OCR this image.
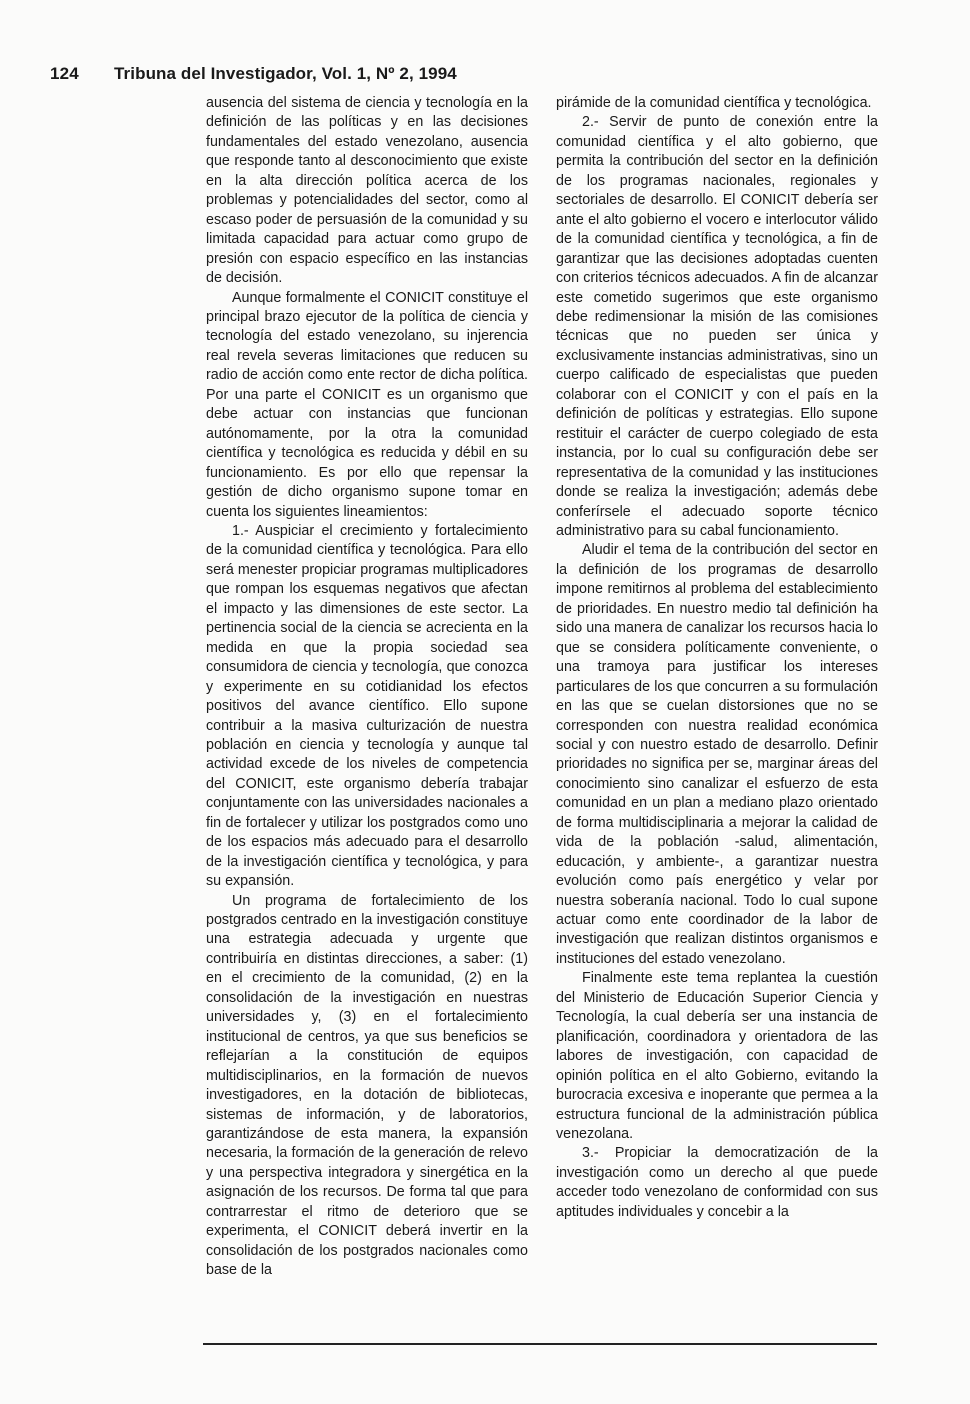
124 Tribuna del Investigador, Vol. 1, Nº 2, 1994

ausencia del sistema de ciencia y tecnología en la definición de las políticas y en las decisiones fundamentales del estado venezolano, ausencia que responde tanto al desconocimiento que existe en la alta dirección política acerca de los problemas y potencialidades del sector, como al escaso poder de persuasión de la comunidad y su limitada capacidad para actuar como grupo de presión con espacio específico en las instancias de decisión.

Aunque formalmente el CONICIT constituye el principal brazo ejecutor de la política de ciencia y tecnología del estado venezolano, su injerencia real revela severas limitaciones que reducen su radio de acción como ente rector de dicha política. Por una parte el CONICIT es un organismo que debe actuar con instancias que funcionan autónomamente, por la otra la comunidad científica y tecnológica es reducida y débil en su funcionamiento. Es por ello que repensar la gestión de dicho organismo supone tomar en cuenta los siguientes lineamientos:

1.- Auspiciar el crecimiento y fortalecimiento de la comunidad científica y tecnológica. Para ello será menester propiciar programas multiplicadores que rompan los esquemas negativos que afectan el impacto y las dimensiones de este sector. La pertinencia social de la ciencia se acrecienta en la medida en que la propia sociedad sea consumidora de ciencia y tecnología, que conozca y experimente en su cotidianidad los efectos positivos del avance científico. Ello supone contribuir a la masiva culturización de nuestra población en ciencia y tecnología y aunque tal actividad excede de los niveles de competencia del CONICIT, este organismo debería trabajar conjuntamente con las universidades nacionales a fin de fortalecer y utilizar los postgrados como uno de los espacios más adecuado para el desarrollo de la investigación científica y tecnológica, y para su expansión.

Un programa de fortalecimiento de los postgrados centrado en la investigación constituye una estrategia adecuada y urgente que contribuiría en distintas direcciones, a saber: (1) en el crecimiento de la comunidad, (2) en la consolidación de la investigación en nuestras universidades y, (3) en el fortalecimiento institucional de centros, ya que sus beneficios se reflejarían a la constitución de equipos multidisciplinarios, en la formación de nuevos investigadores, en la dotación de bibliotecas, sistemas de información, y de laboratorios, garantizándose de esta manera, la expansión necesaria, la formación de la generación de relevo y una perspectiva integradora y sinergética en la asignación de los recursos. De forma tal que para contrarrestar el ritmo de deterioro que se experimenta, el CONICIT deberá invertir en la consolidación de los postgrados nacionales como base de la

pirámide de la comunidad científica y tecnológica.

2.- Servir de punto de conexión entre la comunidad científica y el alto gobierno, que permita la contribución del sector en la definición de los programas nacionales, regionales y sectoriales de desarrollo. El CONICIT debería ser ante el alto gobierno el vocero e interlocutor válido de la comunidad científica y tecnológica, a fin de garantizar que las decisiones adoptadas cuenten con criterios técnicos adecuados. A fin de alcanzar este cometido sugerimos que este organismo debe redimensionar la misión de las comisiones técnicas que no pueden ser única y exclusivamente instancias administrativas, sino un cuerpo calificado de especialistas que pueden colaborar con el CONICIT y con el país en la definición de políticas y estrategias. Ello supone restituir el carácter de cuerpo colegiado de esta instancia, por lo cual su configuración debe ser representativa de la comunidad y las instituciones donde se realiza la investigación; además debe conferírsele el adecuado soporte técnico administrativo para su cabal funcionamiento.

Aludir el tema de la contribución del sector en la definición de los programas de desarrollo impone remitirnos al problema del establecimiento de prioridades. En nuestro medio tal definición ha sido una manera de canalizar los recursos hacia lo que se considera políticamente conveniente, o una tramoya para justificar los intereses particulares de los que concurren a su formulación en las que se cuelan distorsiones que no se corresponden con nuestra realidad económica social y con nuestro estado de desarrollo. Definir prioridades no significa per se, marginar áreas del conocimiento sino canalizar el esfuerzo de esta comunidad en un plan a mediano plazo orientado de forma multidisciplinaria a mejorar la calidad de vida de la población -salud, alimentación, educación, y ambiente-, a garantizar nuestra evolución como país energético y velar por nuestra soberanía nacional. Todo lo cual supone actuar como ente coordinador de la labor de investigación que realizan distintos organismos e instituciones del estado venezolano.

Finalmente este tema replantea la cuestión del Ministerio de Educación Superior Ciencia y Tecnología, la cual debería ser una instancia de planificación, coordinadora y orientadora de las labores de investigación, con capacidad de opinión política en el alto Gobierno, evitando la burocracia excesiva e inoperante que permea a la estructura funcional de la administración pública venezolana.

3.- Propiciar la democratización de la investigación como un derecho al que puede acceder todo venezolano de conformidad con sus aptitudes individuales y concebir a la
